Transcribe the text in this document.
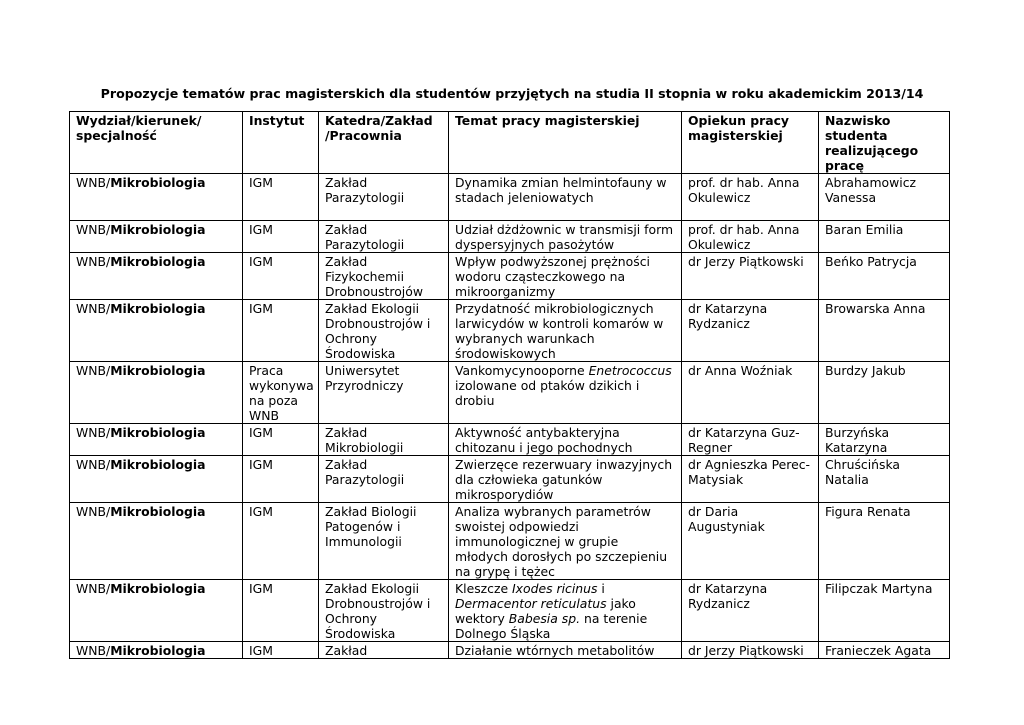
Propozycje tematów prac magisterskich dla studentów przyjętych na studia II stopnia w roku akademickim 2013/14
Wydział/kierunek/ specjalność	Instytut	Katedra/Zakład /Pracownia	Temat pracy magisterskiej	Opiekun pracy magisterskiej	Nazwisko studenta realizującego pracę
WNB/Mikrobiologia	IGM	Zakład Parazytologii	Dynamika zmian helmintofauny w stadach jeleniowatych	prof. dr hab. Anna Okulewicz	Abrahamowicz Vanessa
WNB/Mikrobiologia	IGM	Zakład Parazytologii	Udział dżdżownic w transmisji form dyspersyjnych pasożytów	prof. dr hab. Anna Okulewicz	Baran Emilia
WNB/Mikrobiologia	IGM	Zakład Fizykochemii Drobnoustrojów	Wpływ podwyższonej prężności wodoru cząsteczkowego na mikroorganizmy	dr Jerzy Piątkowski	Beńko Patrycja
WNB/Mikrobiologia	IGM	Zakład Ekologii Drobnoustrojów i Ochrony Środowiska	Przydatność mikrobiologicznych larwicydów w kontroli komarów w wybranych warunkach środowiskowych	dr Katarzyna Rydzanicz	Browarska Anna
WNB/Mikrobiologia	Praca wykonywa na poza WNB	Uniwersytet Przyrodniczy	Vankomycynooporne Enetrococcus izolowane od ptaków dzikich i drobiu	dr Anna Woźniak	Burdzy Jakub
WNB/Mikrobiologia	IGM	Zakład Mikrobiologii	Aktywność antybakteryjna chitozanu i jego pochodnych	dr Katarzyna Guz-Regner	Burzyńska Katarzyna
WNB/Mikrobiologia	IGM	Zakład Parazytologii	Zwierzęce rezerwuary inwazyjnych dla człowieka gatunków mikrosporydiów	dr Agnieszka Perec-Matysiak	Chruścińska Natalia
WNB/Mikrobiologia	IGM	Zakład Biologii Patogenów i Immunologii	Analiza wybranych parametrów swoistej odpowiedzi immunologicznej w grupie młodych dorosłych po szczepieniu na grypę i tężec	dr Daria Augustyniak	Figura Renata
WNB/Mikrobiologia	IGM	Zakład Ekologii Drobnoustrojów i Ochrony Środowiska	Kleszcze Ixodes ricinus i Dermacentor reticulatus jako wektory Babesia sp. na terenie Dolnego Śląska	dr Katarzyna Rydzanicz	Filipczak Martyna
WNB/Mikrobiologia	IGM	Zakład	Działanie wtórnych metabolitów	dr Jerzy Piątkowski	Franieczek Agata
